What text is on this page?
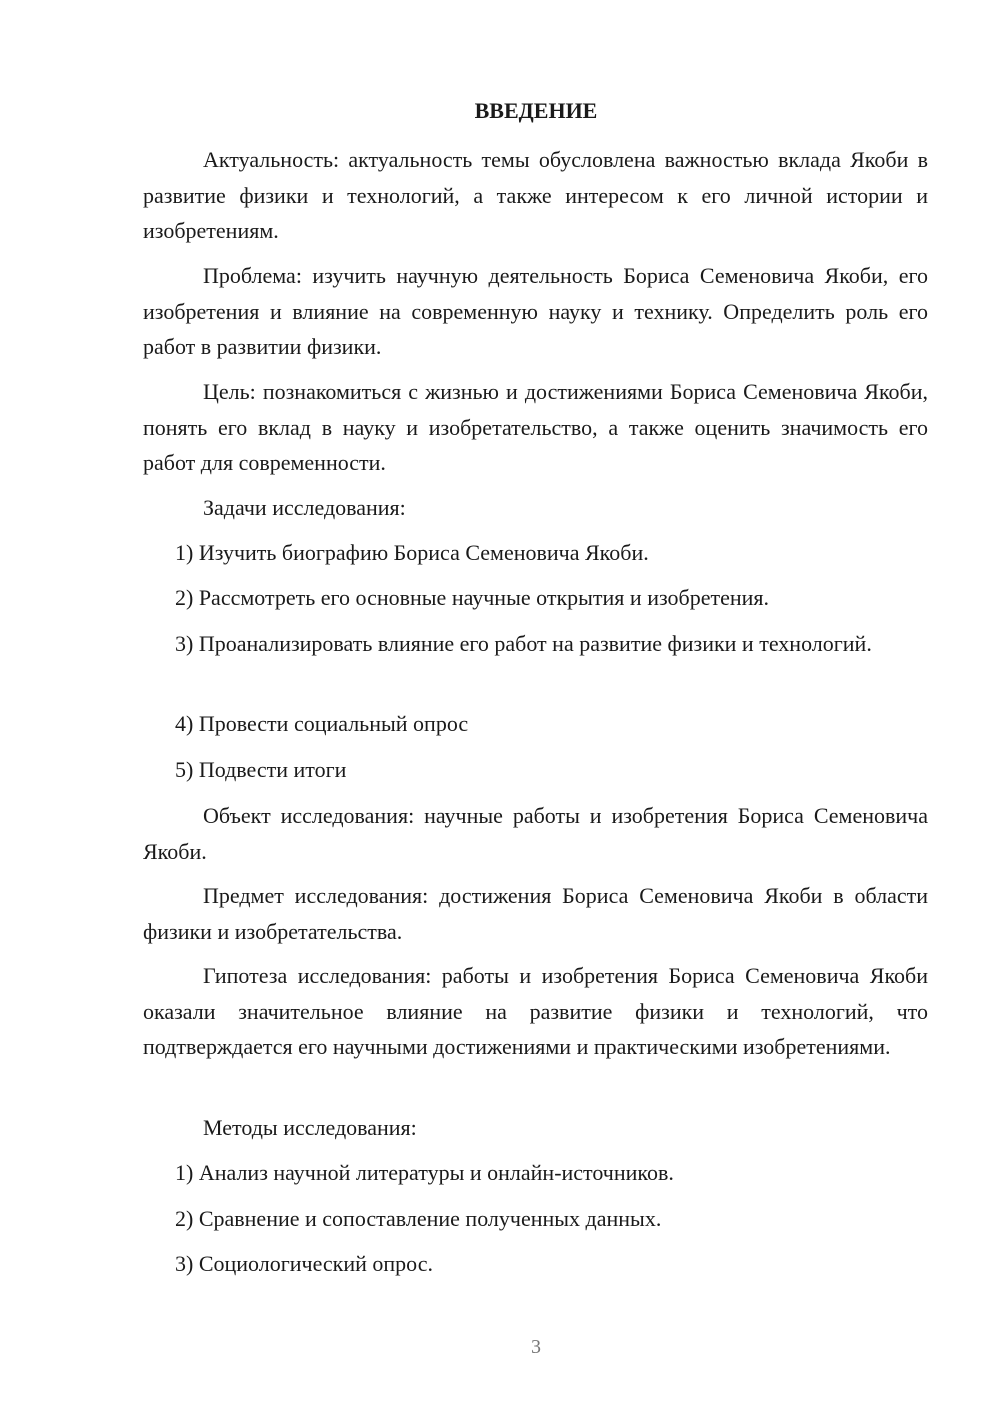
ВВЕДЕНИЕ

Актуальность: актуальность темы обусловлена важностью вклада Якоби в развитие физики и технологий, а также интересом к его личной истории и изобретениям.

Проблема: изучить научную деятельность Бориса Семеновича Якоби, его изобретения и влияние на современную науку и технику. Определить роль его работ в развитии физики.

Цель: познакомиться с жизнью и достижениями Бориса Семеновича Якоби, понять его вклад в науку и изобретательство, а также оценить значимость его работ для современности.

Задачи исследования:

1) Изучить биографию Бориса Семеновича Якоби.

2) Рассмотреть его основные научные открытия и изобретения.

3) Проанализировать влияние его работ на развитие физики и технологий.

4) Провести социальный опрос

5) Подвести итоги

Объект исследования: научные работы и изобретения Бориса Семеновича Якоби.

Предмет исследования: достижения Бориса Семеновича Якоби в области физики и изобретательства.

Гипотеза исследования: работы и изобретения Бориса Семеновича Якоби оказали значительное влияние на развитие физики и технологий, что подтверждается его научными достижениями и практическими изобретениями.

Методы исследования:

1) Анализ научной литературы и онлайн-источников.

2) Сравнение и сопоставление полученных данных.

3) Социологический опрос.

3
